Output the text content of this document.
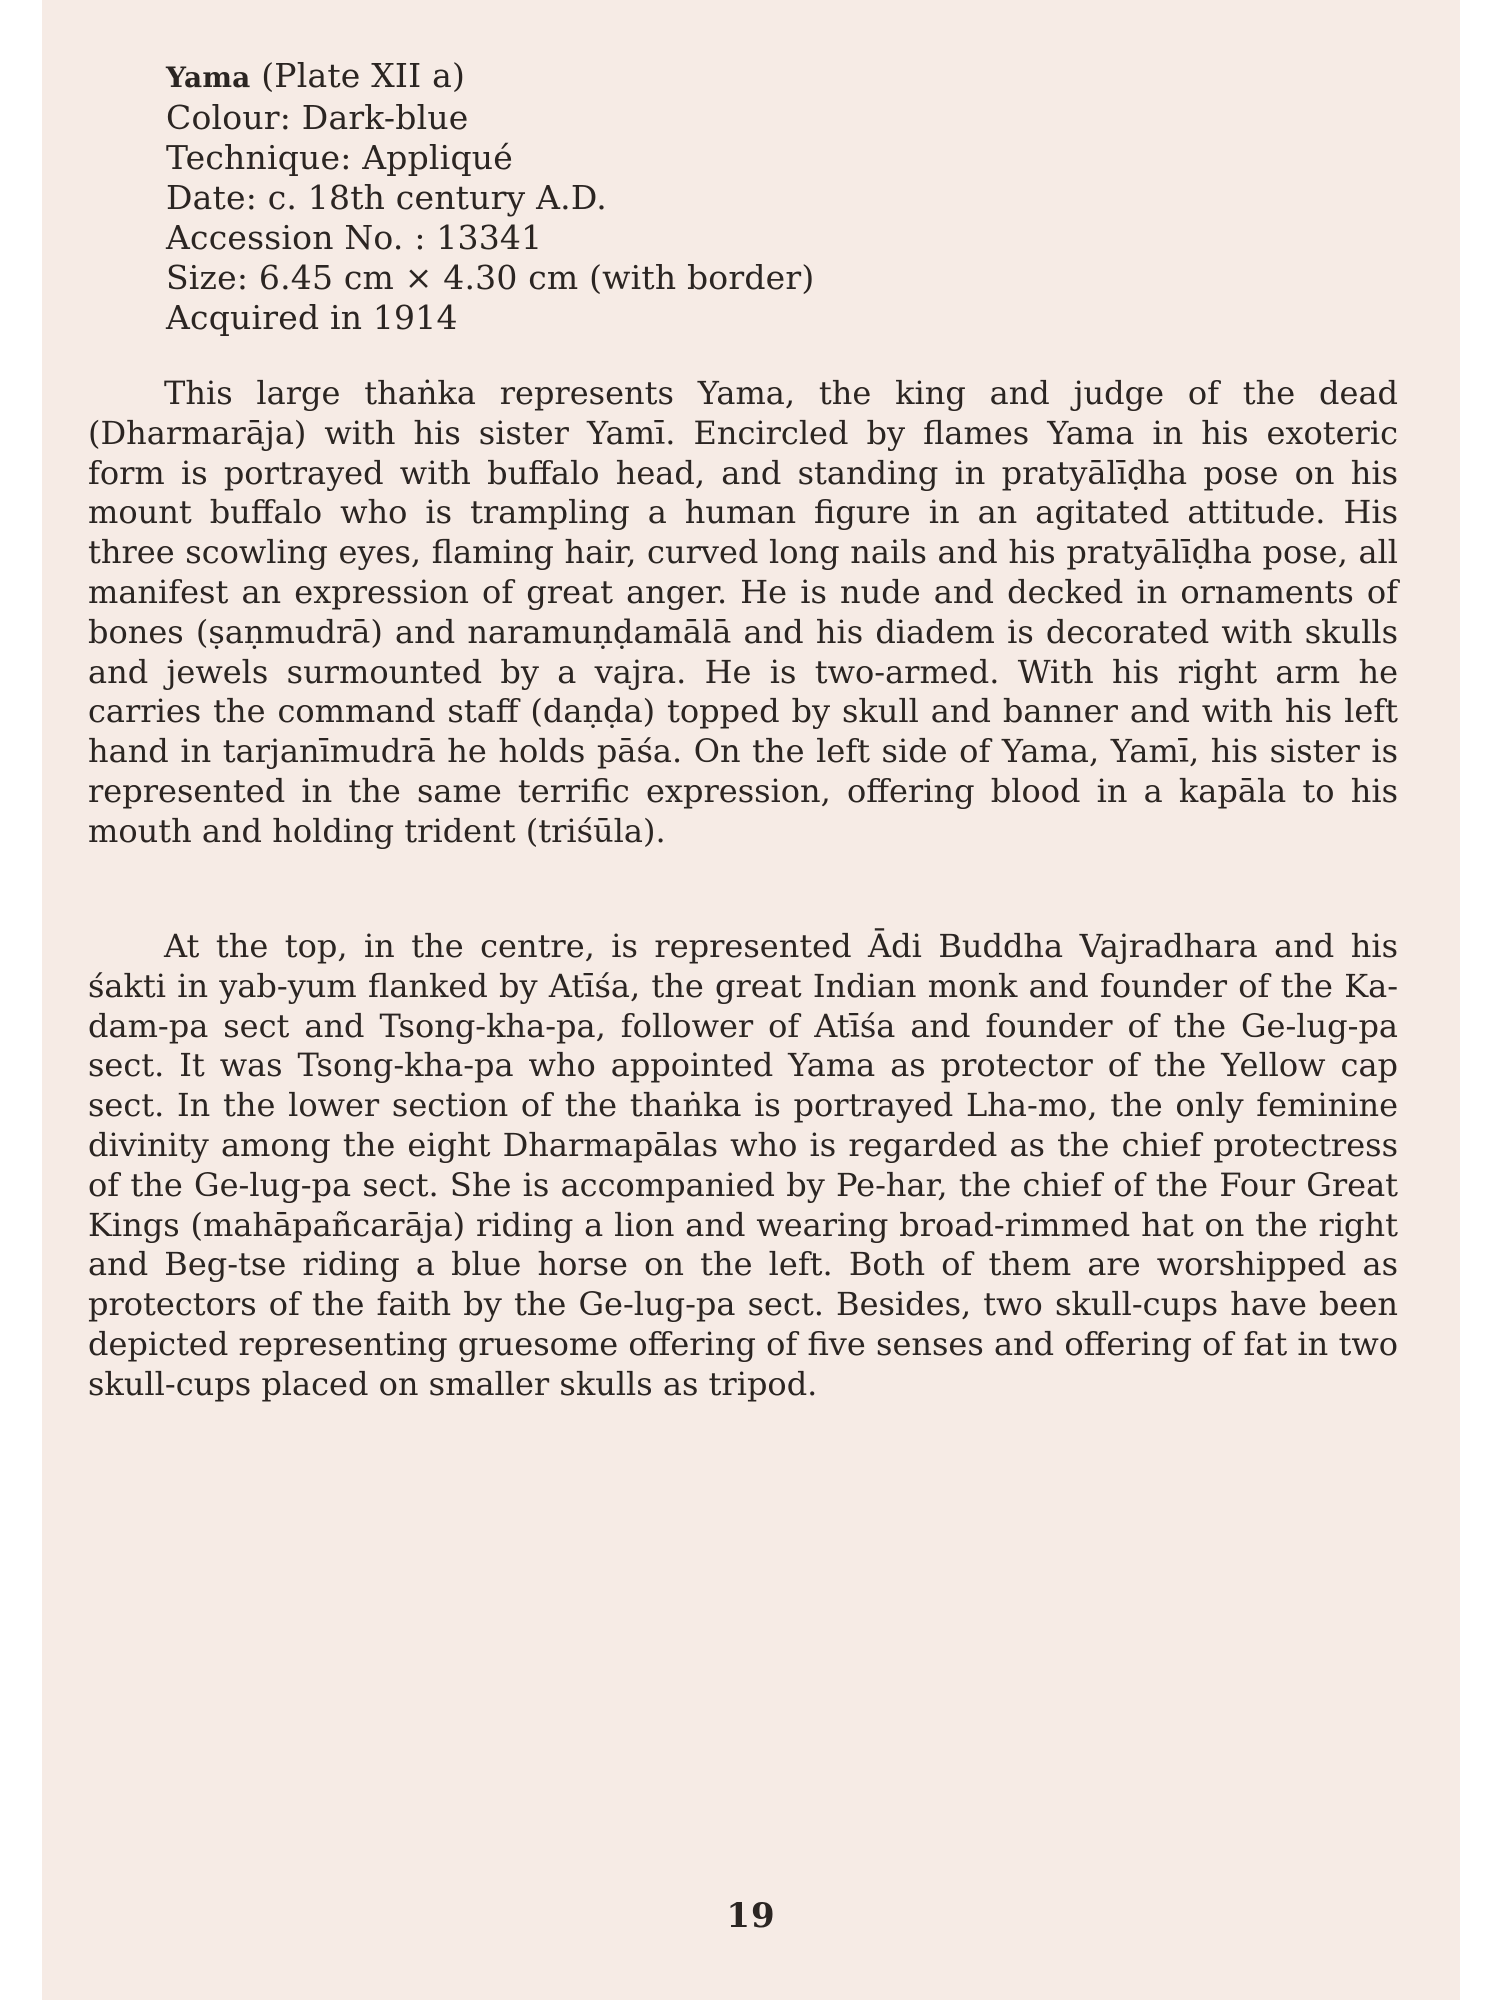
Yama (Plate XII a)
Colour: Dark-blue
Technique: Appliqué
Date: c. 18th century A.D.
Accession No. : 13341
Size: 6.45 cm × 4.30 cm (with border)
Acquired in 1914

This large thaṅka represents Yama, the king and judge of the dead (Dharmarāja) with his sister Yamī. Encircled by flames Yama in his exoteric form is portrayed with buffalo head, and standing in pratyālīḍha pose on his mount buffalo who is trampling a human figure in an agitated attitude. His three scowling eyes, flaming hair, curved long nails and his pratyālīḍha pose, all manifest an expression of great anger. He is nude and decked in ornaments of bones (ṣaṇmudrā) and naramuṇḍamālā and his diadem is decorated with skulls and jewels surmounted by a vajra. He is two-armed. With his right arm he carries the command staff (daṇḍa) topped by skull and banner and with his left hand in tarjanīmudrā he holds pāśa. On the left side of Yama, Yamī, his sister is represented in the same terrific expression, offering blood in a kapāla to his mouth and holding trident (triśūla).

At the top, in the centre, is represented Ādi Buddha Vajradhara and his śakti in yab-yum flanked by Atīśa, the great Indian monk and founder of the Ka-dam-pa sect and Tsong-kha-pa, follower of Atīśa and founder of the Ge-lug-pa sect. It was Tsong-kha-pa who appointed Yama as protector of the Yellow cap sect. In the lower section of the thaṅka is portrayed Lha-mo, the only feminine divinity among the eight Dharmapālas who is regarded as the chief protectress of the Ge-lug-pa sect. She is accompanied by Pe-har, the chief of the Four Great Kings (mahāpañcarāja) riding a lion and wearing broad-rimmed hat on the right and Beg-tse riding a blue horse on the left. Both of them are worshipped as protectors of the faith by the Ge-lug-pa sect. Besides, two skull-cups have been depicted representing gruesome offering of five senses and offering of fat in two skull-cups placed on smaller skulls as tripod.

19
